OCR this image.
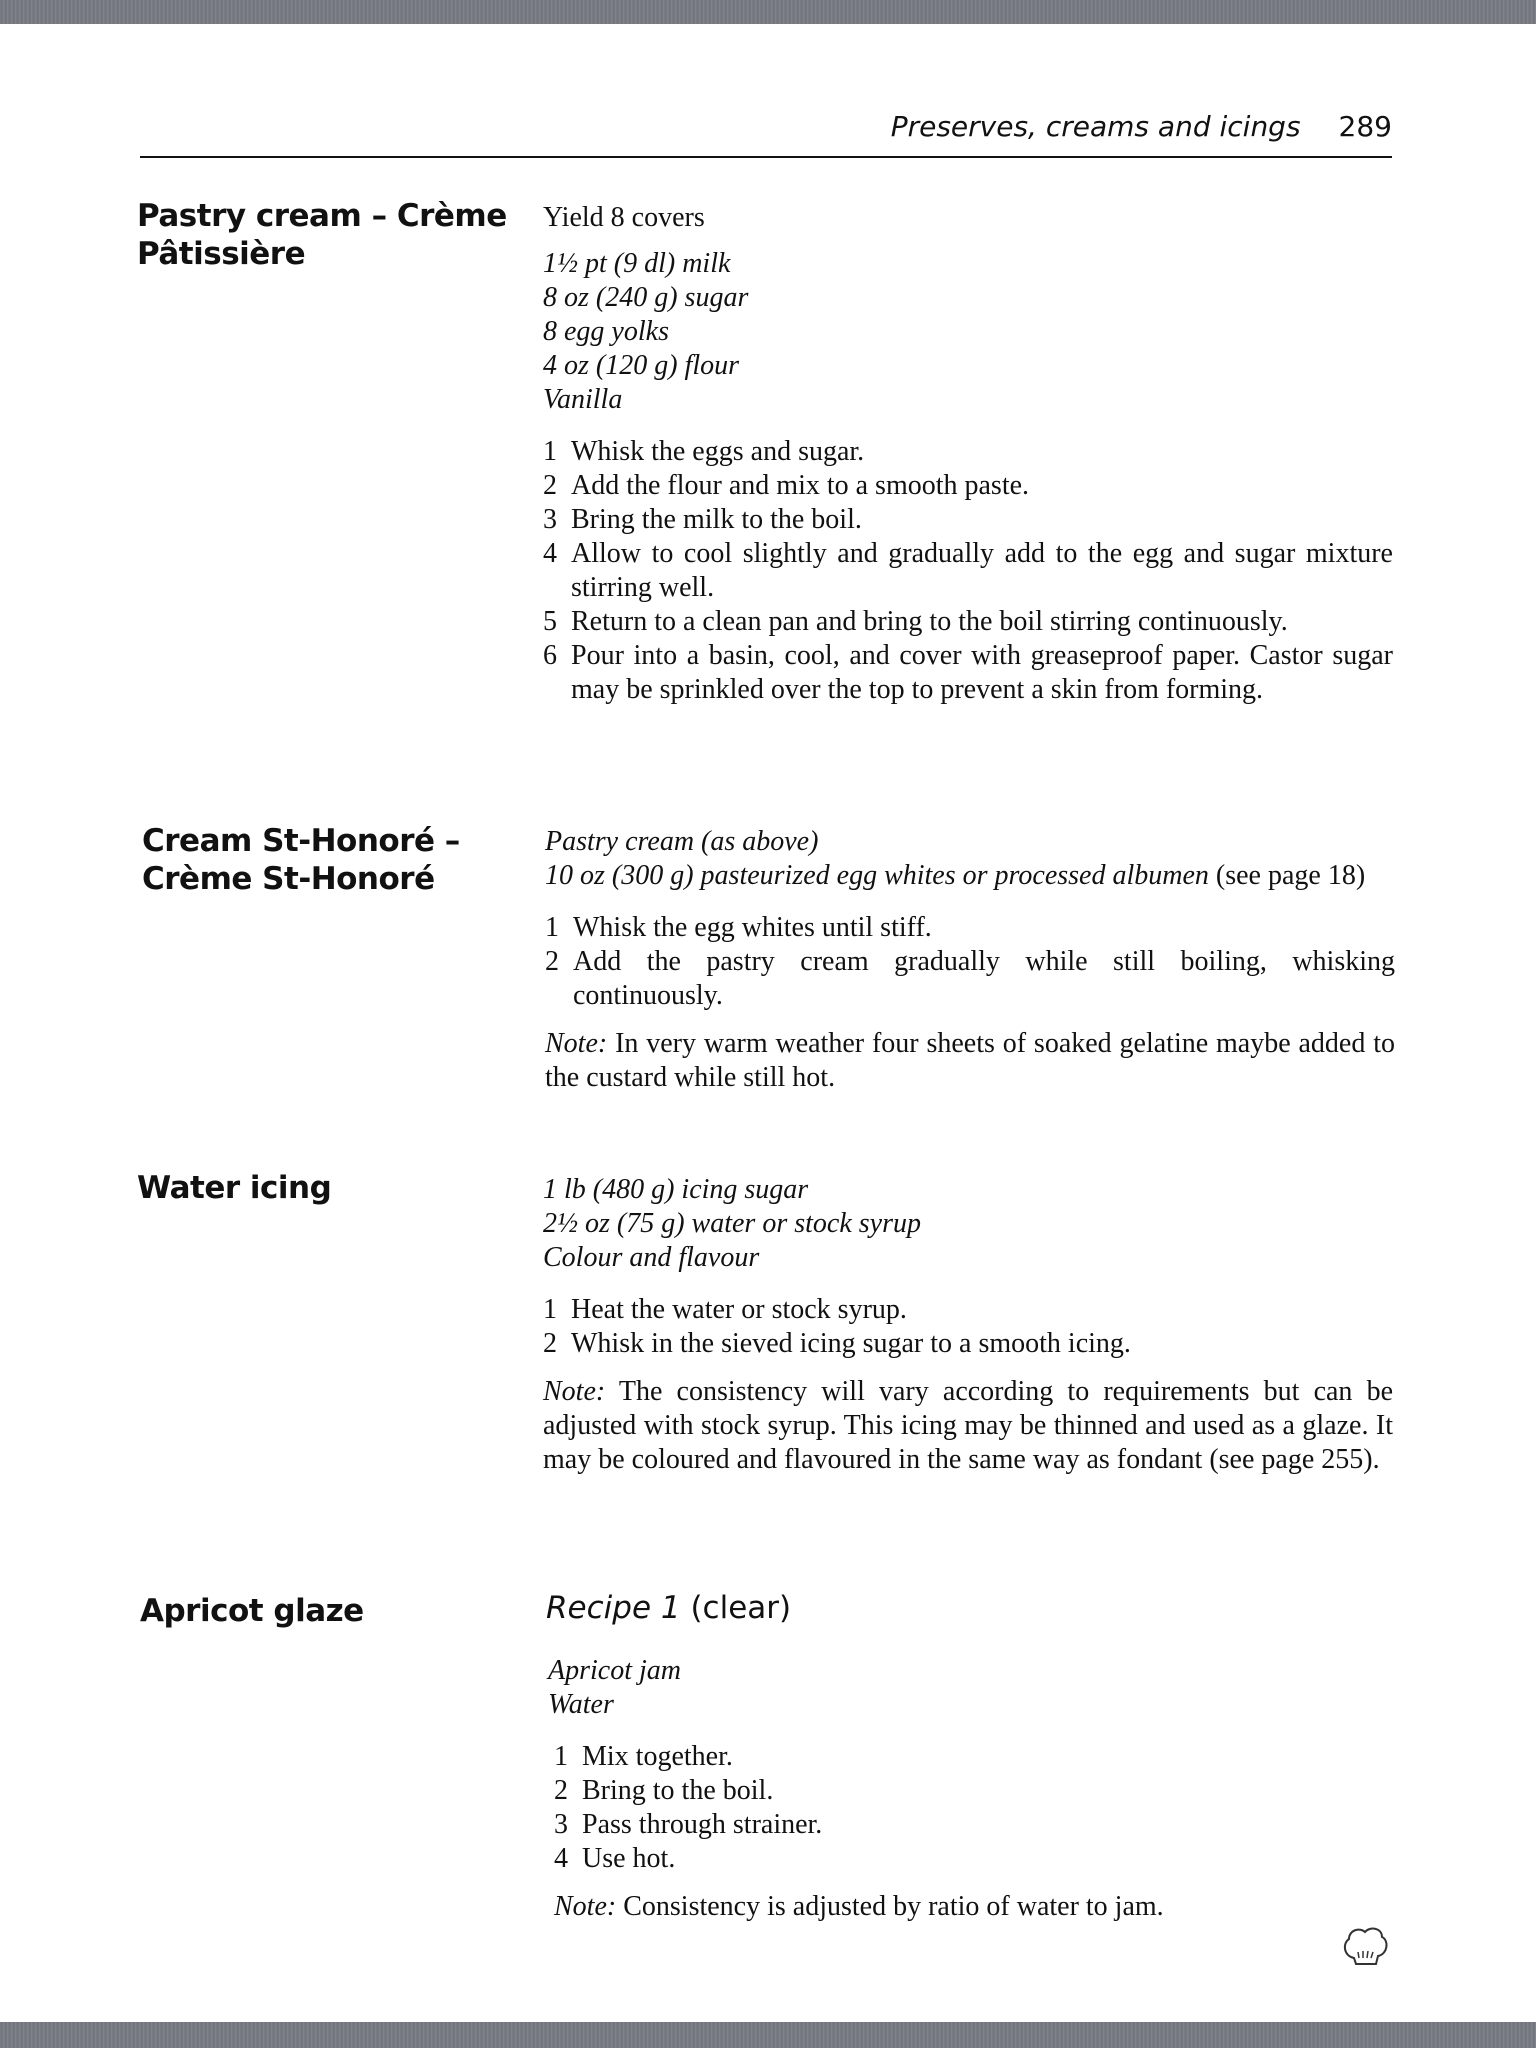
Preserves, creams and icings 289
Pastry cream – Crème
Pâtissière

Yield 8 covers

1½ pt (9 dl) milk
8 oz (240 g) sugar
8 egg yolks
4 oz (120 g) flour
Vanilla
1 Whisk the eggs and sugar.
2 Add the flour and mix to a smooth paste.
3 Bring the milk to the boil.
4 Allow to cool slightly and gradually add to the egg and sugar mixture stirring well.
5 Return to a clean pan and bring to the boil stirring continuously.
6 Pour into a basin, cool, and cover with greaseproof paper. Castor sugar may be sprinkled over the top to prevent a skin from forming.
Cream St-Honoré –
Crème St-Honoré
Pastry cream (as above)
10 oz (300 g) pasteurized egg whites or processed albumen (see page 18)
1 Whisk the egg whites until stiff.
2 Add the pastry cream gradually while still boiling, whisking continuously.

Note: In very warm weather four sheets of soaked gelatine maybe added to the custard while still hot.

Water icing	1 lb (480 g) icing sugar
2½ oz (75 g) water or stock syrup
Colour and flavour
1 Heat the water or stock syrup.
2 Whisk in the sieved icing sugar to a smooth icing.

Note: The consistency will vary according to requirements but can be adjusted with stock syrup. This icing may be thinned and used as a glaze. It may be coloured and flavoured in the same way as fondant (see page 255).

Apricot glaze	Recipe 1 (clear)

Apricot jam
Water
1 Mix together.
2 Bring to the boil.
3 Pass through strainer.
4 Use hot.

Note: Consistency is adjusted by ratio of water to jam.
